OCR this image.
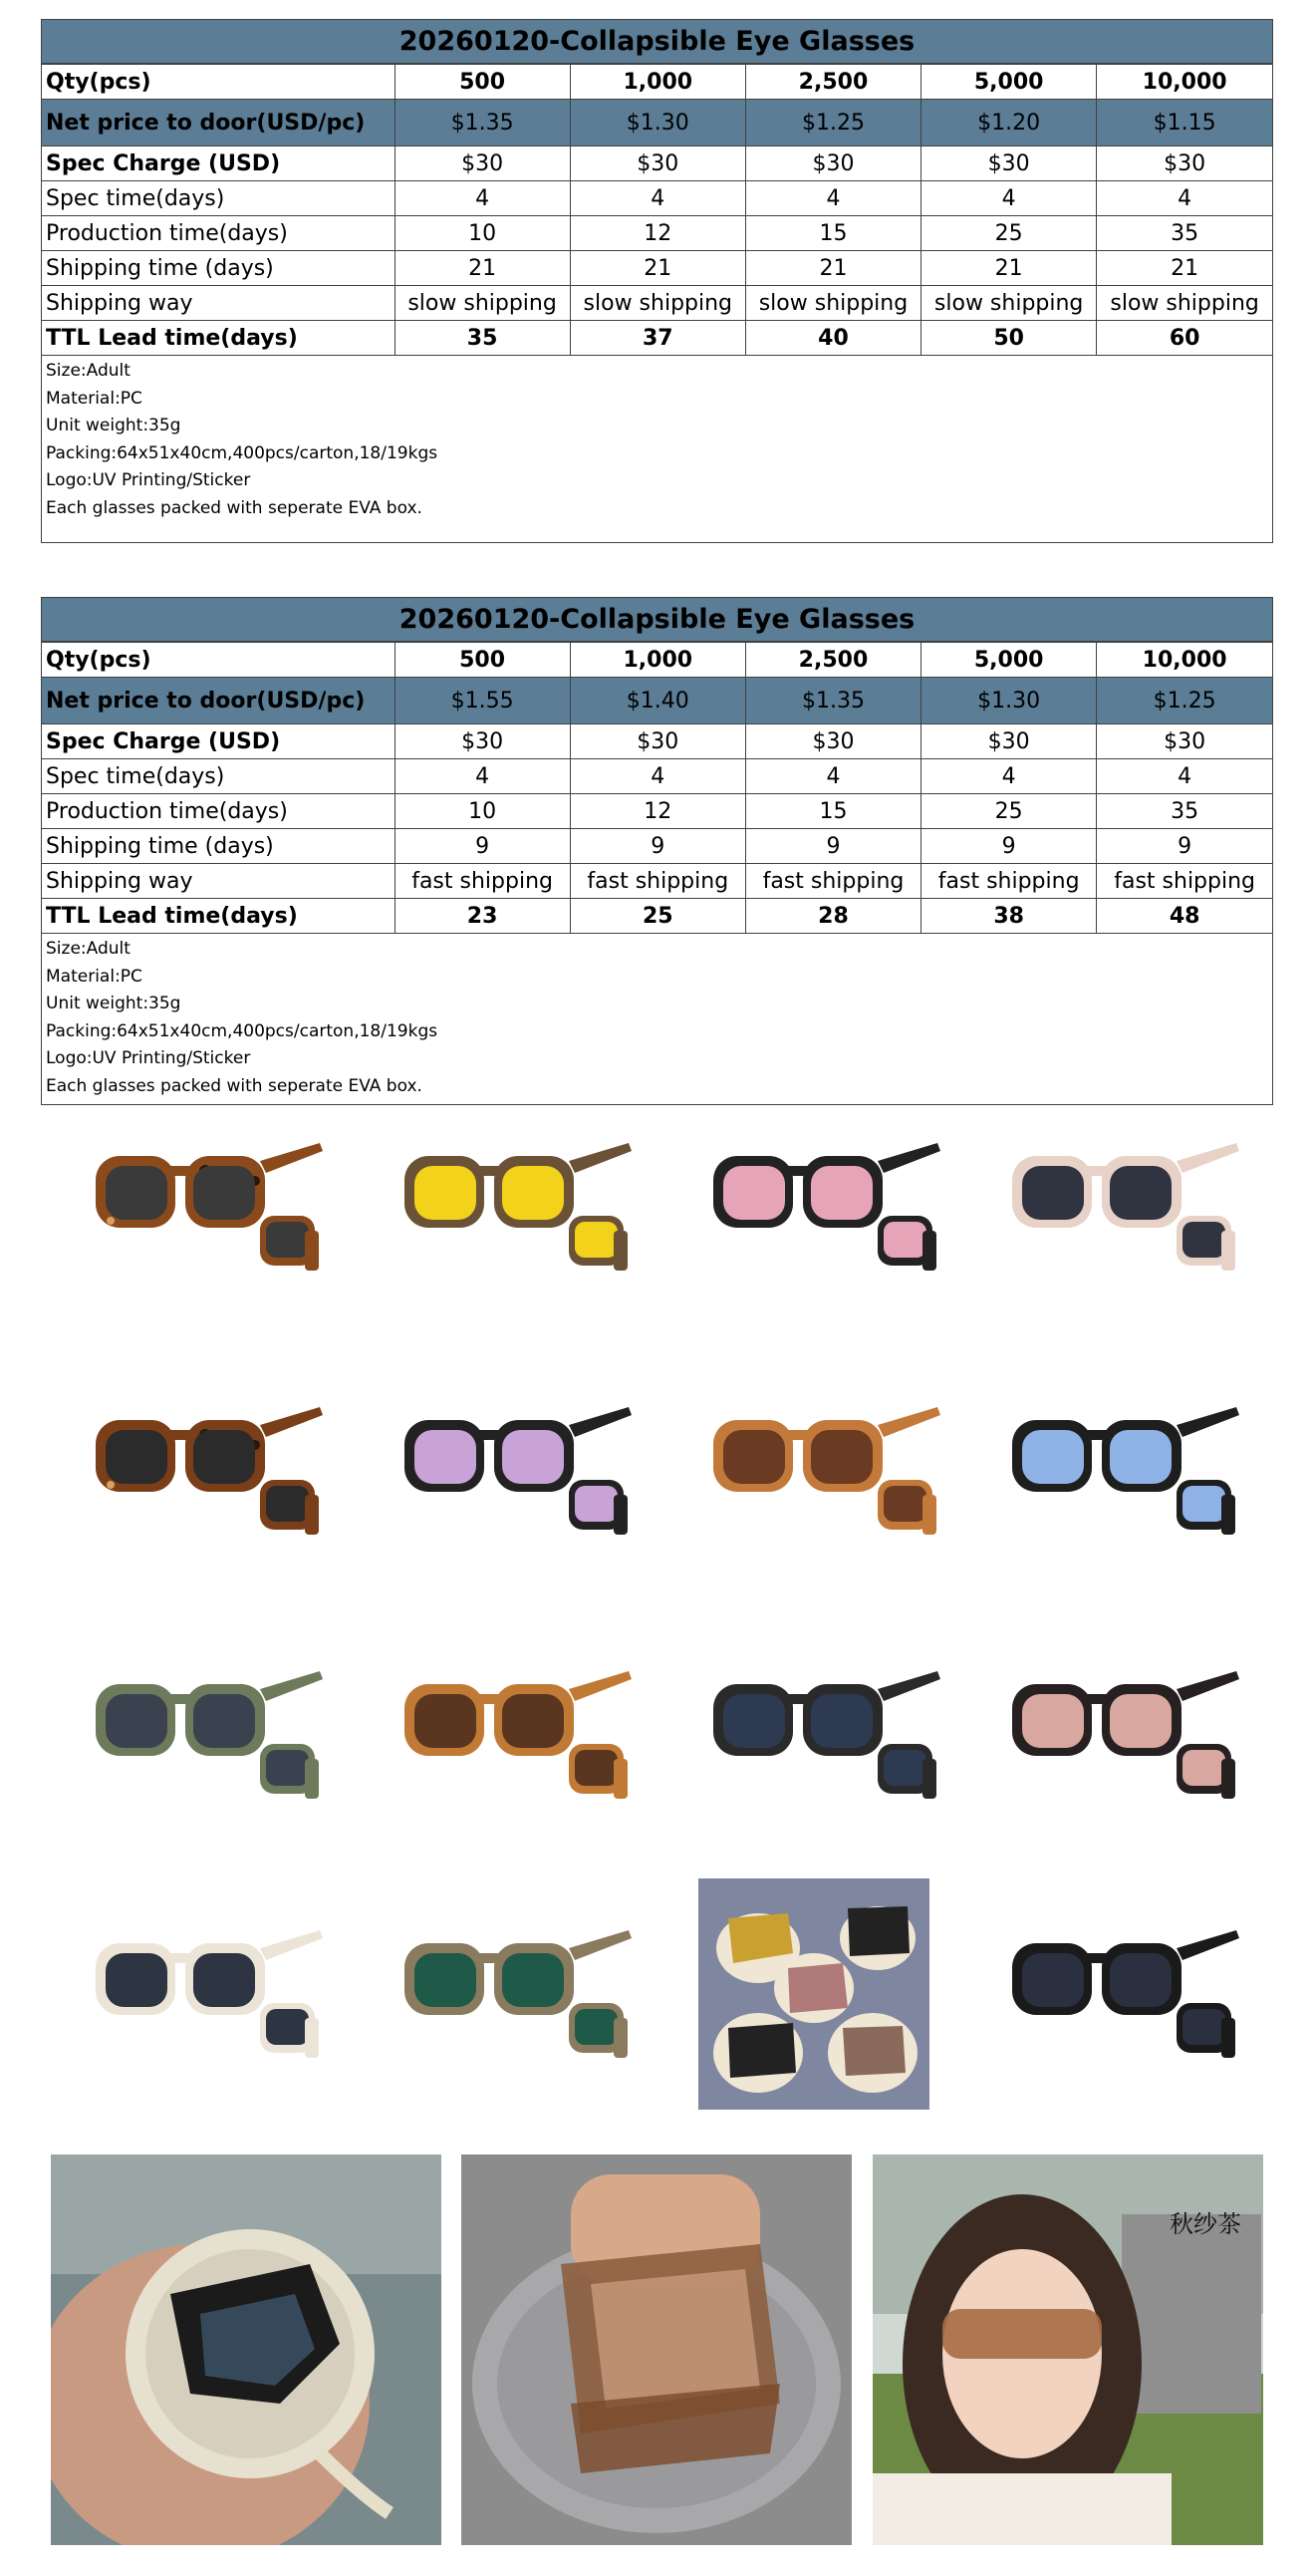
20260120-Collapsible Eye Glasses
Qty(pcs)	500	1,000	2,500	5,000	10,000
Net price to door(USD/pc)	$1.35	$1.30	$1.25	$1.20	$1.15
Spec Charge (USD)	$30	$30	$30	$30	$30
Spec time(days)	4	4	4	4	4
Production time(days)	10	12	15	25	35
Shipping time (days)	21	21	21	21	21
Shipping way	slow shipping	slow shipping	slow shipping	slow shipping	slow shipping
TTL Lead time(days)	35	37	40	50	60
Size:Adult
Material:PC
Unit weight:35g
Packing:64x51x40cm,400pcs/carton,18/19kgs
Logo:UV Printing/Sticker
Each glasses packed with seperate EVA box.
20260120-Collapsible Eye Glasses
Qty(pcs)	500	1,000	2,500	5,000	10,000
Net price to door(USD/pc)	$1.55	$1.40	$1.35	$1.30	$1.25
Spec Charge (USD)	$30	$30	$30	$30	$30
Spec time(days)	4	4	4	4	4
Production time(days)	10	12	15	25	35
Shipping time (days)	9	9	9	9	9
Shipping way	fast shipping	fast shipping	fast shipping	fast shipping	fast shipping
TTL Lead time(days)	23	25	28	38	48
Size:Adult
Material:PC
Unit weight:35g
Packing:64x51x40cm,400pcs/carton,18/19kgs
Logo:UV Printing/Sticker
Each glasses packed with seperate EVA box.
秋纱茶
